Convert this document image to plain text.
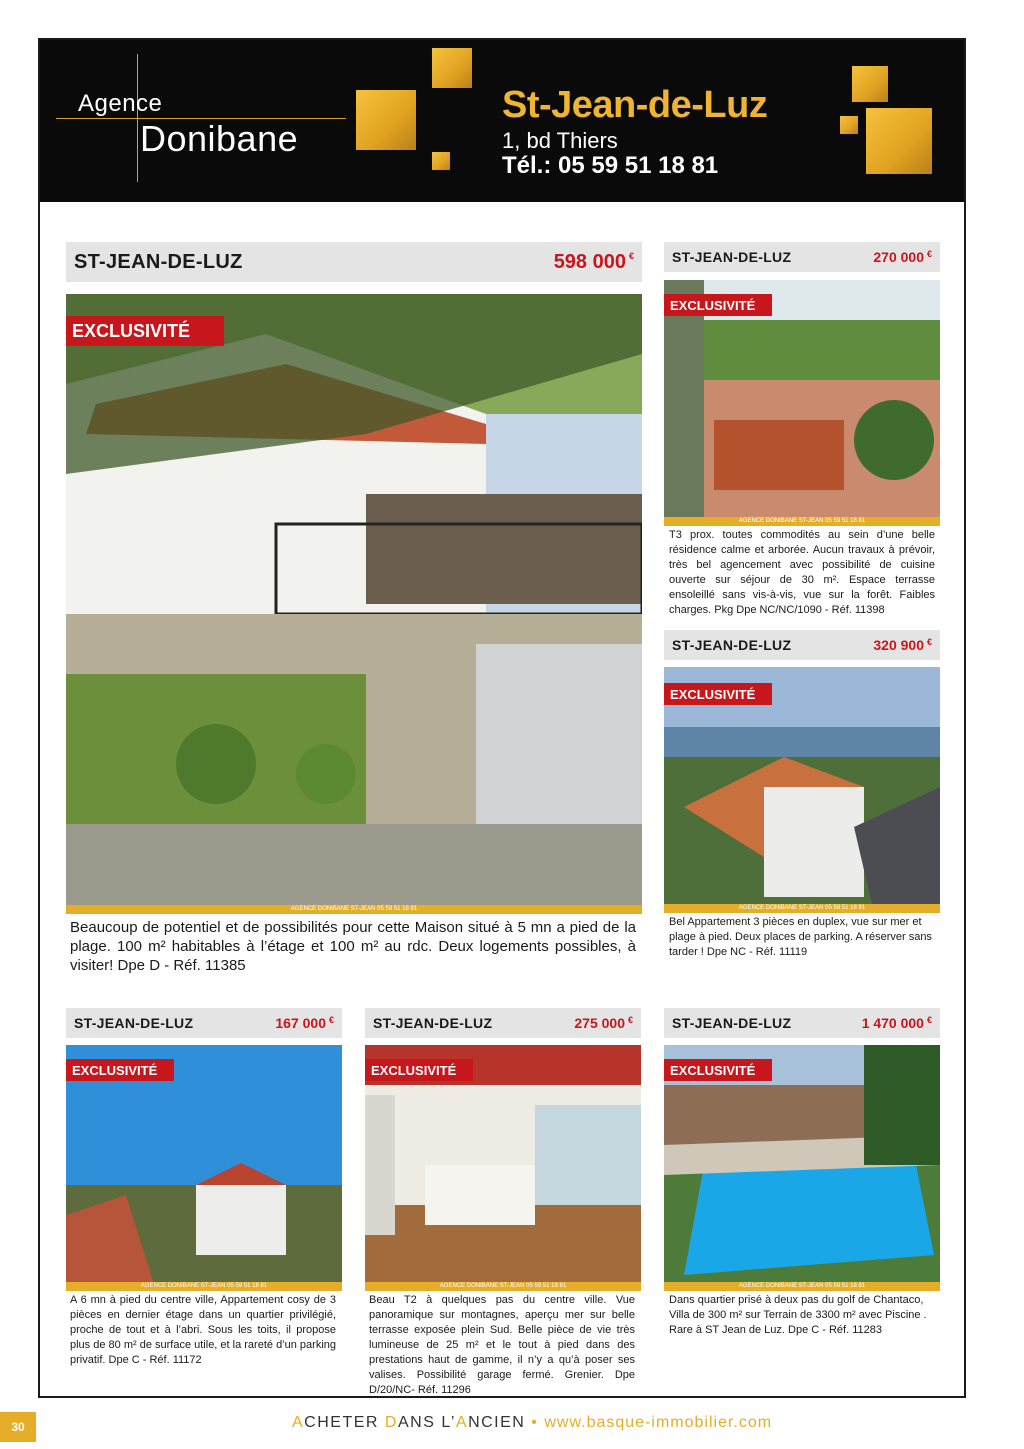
Agence
Donibane
St-Jean-de-Luz
1, bd Thiers
Tél.: 05 59 51 18 81
ST-JEAN-DE-LUZ	598 000 €
EXCLUSIVITÉ
AGENCE DONIBANE ST-JEAN 05 59 51 18 81
Beaucoup de potentiel et de possibilités pour cette Maison situé à 5 mn a pied de la plage. 100 m² habitables à l’étage et 100 m² au rdc. Deux logements possibles, à visiter! Dpe D - Réf. 11385
ST-JEAN-DE-LUZ	270 000 €
EXCLUSIVITÉ
AGENCE DONIBANE ST-JEAN 05 59 51 18 81
T3 prox. toutes commodités au sein d’une belle résidence calme et arborée. Aucun travaux à prévoir, très bel agencement avec possibilité de cuisine ouverte sur séjour de 30 m². Espace terrasse ensoleillé sans vis-à-vis, vue sur la forêt. Faibles charges. Pkg Dpe NC/NC/1090 - Réf. 11398
ST-JEAN-DE-LUZ	320 900 €
EXCLUSIVITÉ
AGENCE DONIBANE ST-JEAN 05 59 51 18 81
Bel Appartement 3 pièces en duplex, vue sur mer et plage à pied. Deux places de parking. A réserver sans tarder ! Dpe NC - Réf. 11119
ST-JEAN-DE-LUZ	167 000 €
EXCLUSIVITÉ
AGENCE DONIBANE ST-JEAN 05 59 51 18 81
A 6 mn à pied du centre ville, Appartement cosy de 3 pièces en dernier étage dans un quartier privilégié, proche de tout et à l’abri. Sous les toits, il propose plus de 80 m² de surface utile, et la rareté d’un parking privatif. Dpe C - Réf. 11172
ST-JEAN-DE-LUZ	275 000 €
EXCLUSIVITÉ
AGENCE DONIBANE ST-JEAN 05 59 51 18 81
Beau T2 à quelques pas du centre ville. Vue panoramique sur montagnes, aperçu mer sur belle terrasse exposée plein Sud. Belle pièce de vie très lumineuse de 25 m² et le tout à pied dans des prestations haut de gamme, il n’y a qu’à poser ses valises. Possibilité garage fermé. Grenier. Dpe D/20/NC- Réf. 11296
ST-JEAN-DE-LUZ	1 470 000 €
EXCLUSIVITÉ
AGENCE DONIBANE ST-JEAN 05 59 51 18 81
Dans quartier prisé à deux pas du golf de Chantaco, Villa de 300 m² sur Terrain de 3300 m² avec Piscine . Rare à ST Jean de Luz. Dpe C - Réf. 11283
30	ACHETER DANS L’ANCIEN • www.basque-immobilier.com
